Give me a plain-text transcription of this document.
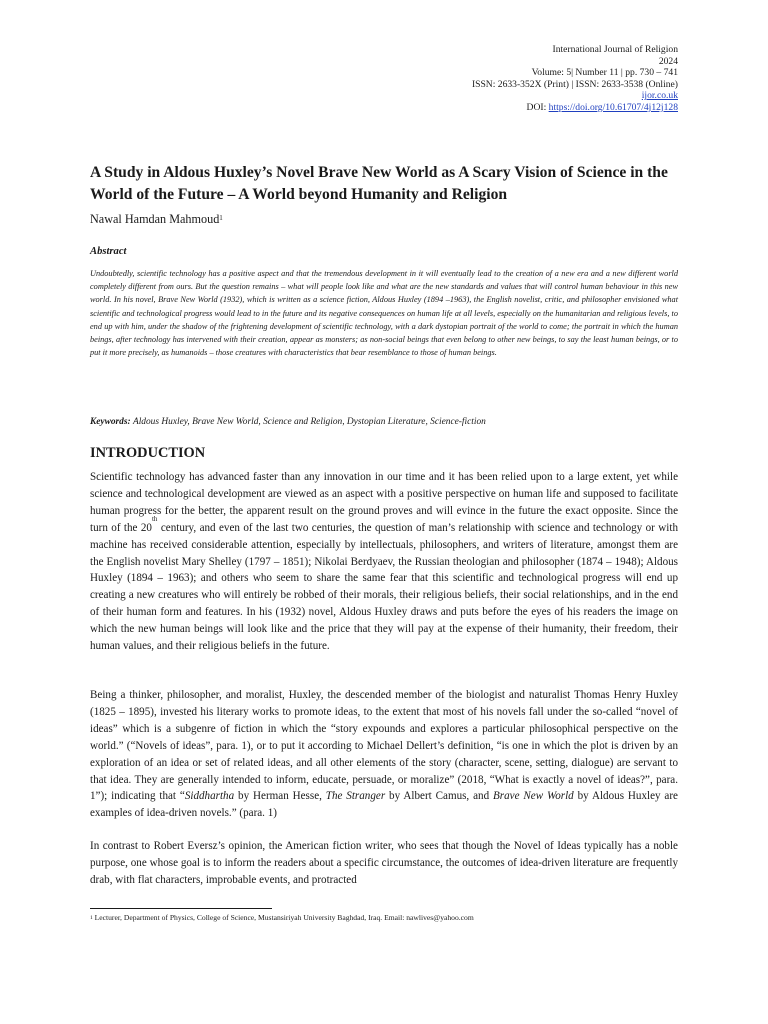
International Journal of Religion
2024
Volume: 5| Number 11 | pp. 730 – 741
ISSN: 2633-352X (Print) | ISSN: 2633-3538 (Online)
ijor.co.uk
DOI: https://doi.org/10.61707/4j12j128
A Study in Aldous Huxley’s Novel Brave New World as A Scary Vision of Science in the World of the Future – A World beyond Humanity and Religion

Nawal Hamdan Mahmoud$^1$

Abstract

Undoubtedly, scientific technology has a positive aspect and that the tremendous development in it will eventually lead to the creation of a new era and a new different world completely different from ours. But the question remains – what will people look like and what are the new standards and values that will control human behaviour in this new world. In his novel, Brave New World (1932), which is written as a science fiction, Aldous Huxley (1894 –1963), the English novelist, critic, and philosopher envisioned what scientific and technological progress would lead to in the future and its negative consequences on human life at all levels, especially on the humanitarian and religious levels, to end up with him, under the shadow of the frightening development of scientific technology, with a dark dystopian portrait of the world to come; the portrait in which the human beings, after technology has intervened with their creation, appear as monsters; as non-social beings that even belong to other new beings, to say the least human beings, or to put it more precisely, as humanoids – those creatures with characteristics that bear resemblance to those of human beings.

Keywords: Aldous Huxley, Brave New World, Science and Religion, Dystopian Literature, Science-fiction

INTRODUCTION

Scientific technology has advanced faster than any innovation in our time and it has been relied upon to a large extent, yet while science and technological development are viewed as an aspect with a positive perspective on human life and supposed to facilitate human progress for the better, the apparent result on the ground proves and will evince in the future the exact opposite. Since the turn of the 20th century, and even of the last two centuries, the question of man’s relationship with science and technology or with machine has received considerable attention, especially by intellectuals, philosophers, and writers of literature, amongst them are the English novelist Mary Shelley (1797 – 1851); Nikolai Berdyaev, the Russian theologian and philosopher (1874 – 1948); Aldous Huxley (1894 – 1963); and others who seem to share the same fear that this scientific and technological progress will end up creating a new creatures who will entirely be robbed of their morals, their religious beliefs, their social relationships, and in the end of their human form and features. In his (1932) novel, Aldous Huxley draws and puts before the eyes of his readers the image on which the new human beings will look like and the price that they will pay at the expense of their humanity, their freedom, their human values, and their religious beliefs in the future.

Being a thinker, philosopher, and moralist, Huxley, the descended member of the biologist and naturalist Thomas Henry Huxley (1825 – 1895), invested his literary works to promote ideas, to the extent that most of his novels fall under the so-called “novel of ideas” which is a subgenre of fiction in which the “story expounds and explores a particular philosophical perspective on the world.” (“Novels of ideas”, para. 1), or to put it according to Michael Dellert’s definition, “is one in which the plot is driven by an exploration of an idea or set of related ideas, and all other elements of the story (character, scene, setting, dialogue) are servant to that idea. They are generally intended to inform, educate, persuade, or moralize” (2018, “What is exactly a novel of ideas?”, para. 1”); indicating that “Siddhartha by Herman Hesse, The Stranger by Albert Camus, and Brave New World by Aldous Huxley are examples of idea-driven novels.” (para. 1)

In contrast to Robert Eversz’s opinion, the American fiction writer, who sees that though the Novel of Ideas typically has a noble purpose, one whose goal is to inform the readers about a specific circumstance, the outcomes of idea-driven literature are frequently drab, with flat characters, improbable events, and protracted

$^1$ Lecturer, Department of Physics, College of Science, Mustansiriyah University Baghdad, Iraq. Email: nawlives@yahoo.com
